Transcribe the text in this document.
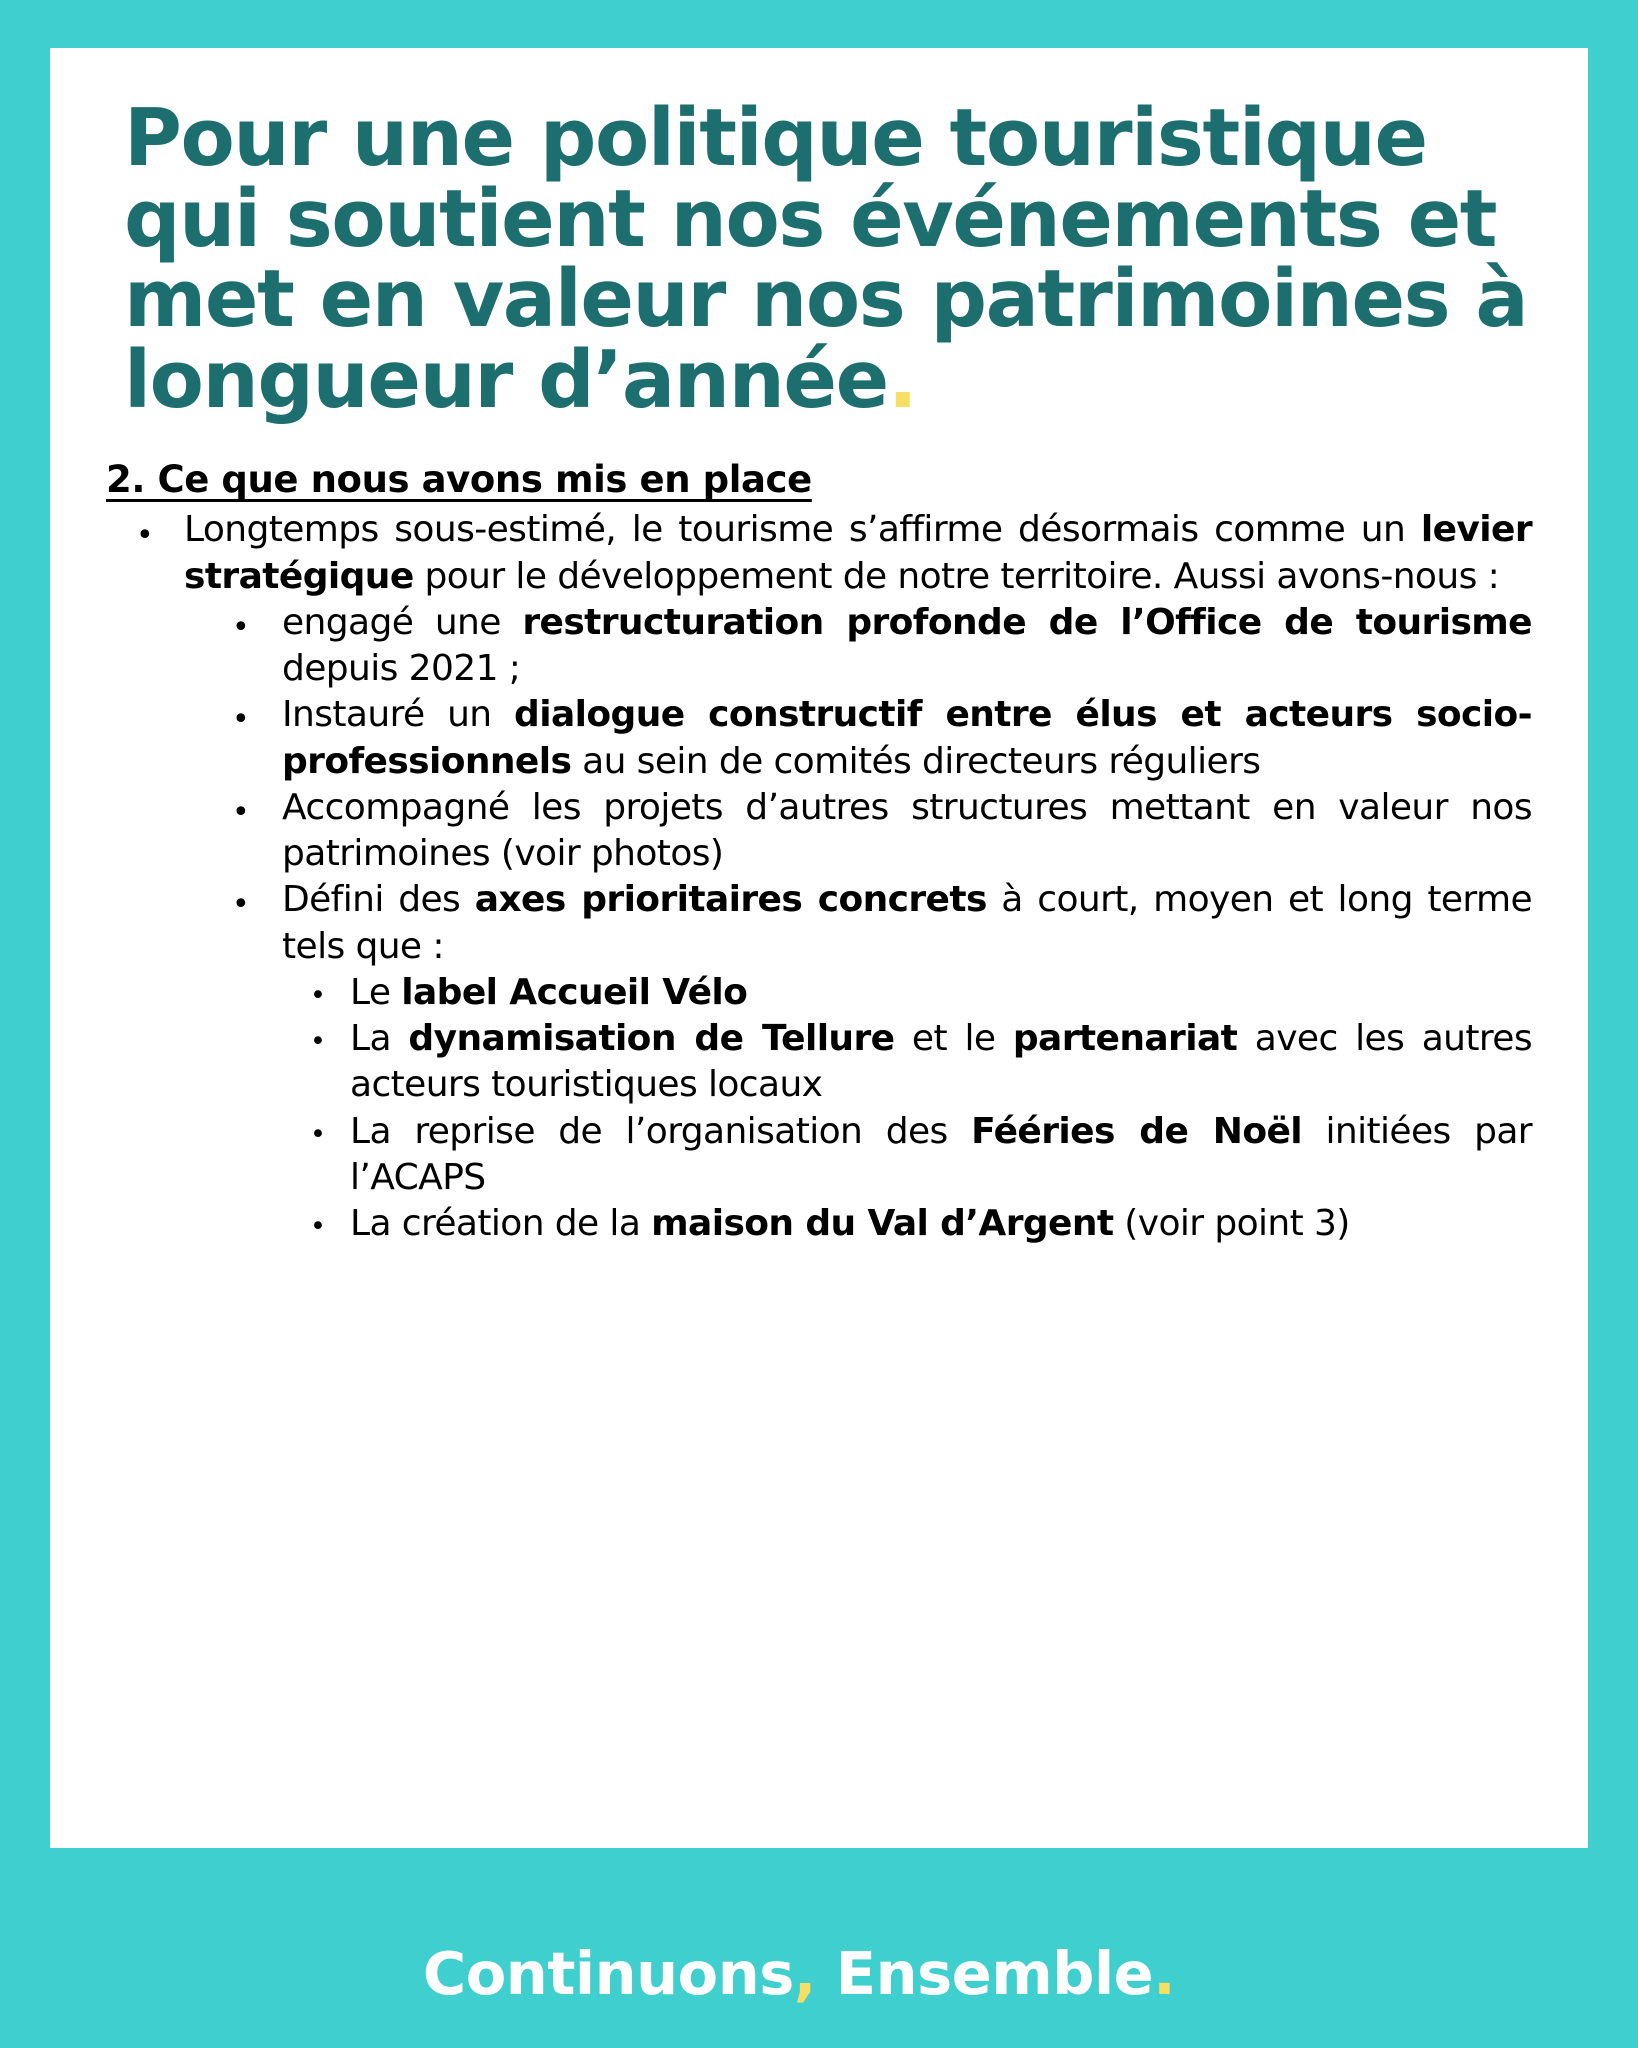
Pour une politique touristique
qui soutient nos événements et
met en valeur nos patrimoines à
longueur d’année.
2. Ce que nous avons mis en place
• Longtemps sous-estimé, le tourisme s’affirme désormais comme un levier stratégique pour le développement de notre territoire. Aussi avons-nous :
• engagé une restructuration profonde de l’Office de tourisme depuis 2021 ;
• Instauré un dialogue constructif entre élus et acteurs socio-professionnels au sein de comités directeurs réguliers
• Accompagné les projets d’autres structures mettant en valeur nos patrimoines (voir photos)
• Défini des axes prioritaires concrets à court, moyen et long terme tels que :
• Le label Accueil Vélo
• La dynamisation de Tellure et le partenariat avec les autres acteurs touristiques locaux
• La reprise de l’organisation des Fééries de Noël initiées par l’ACAPS
• La création de la maison du Val d’Argent (voir point 3)
Continuons, Ensemble.
